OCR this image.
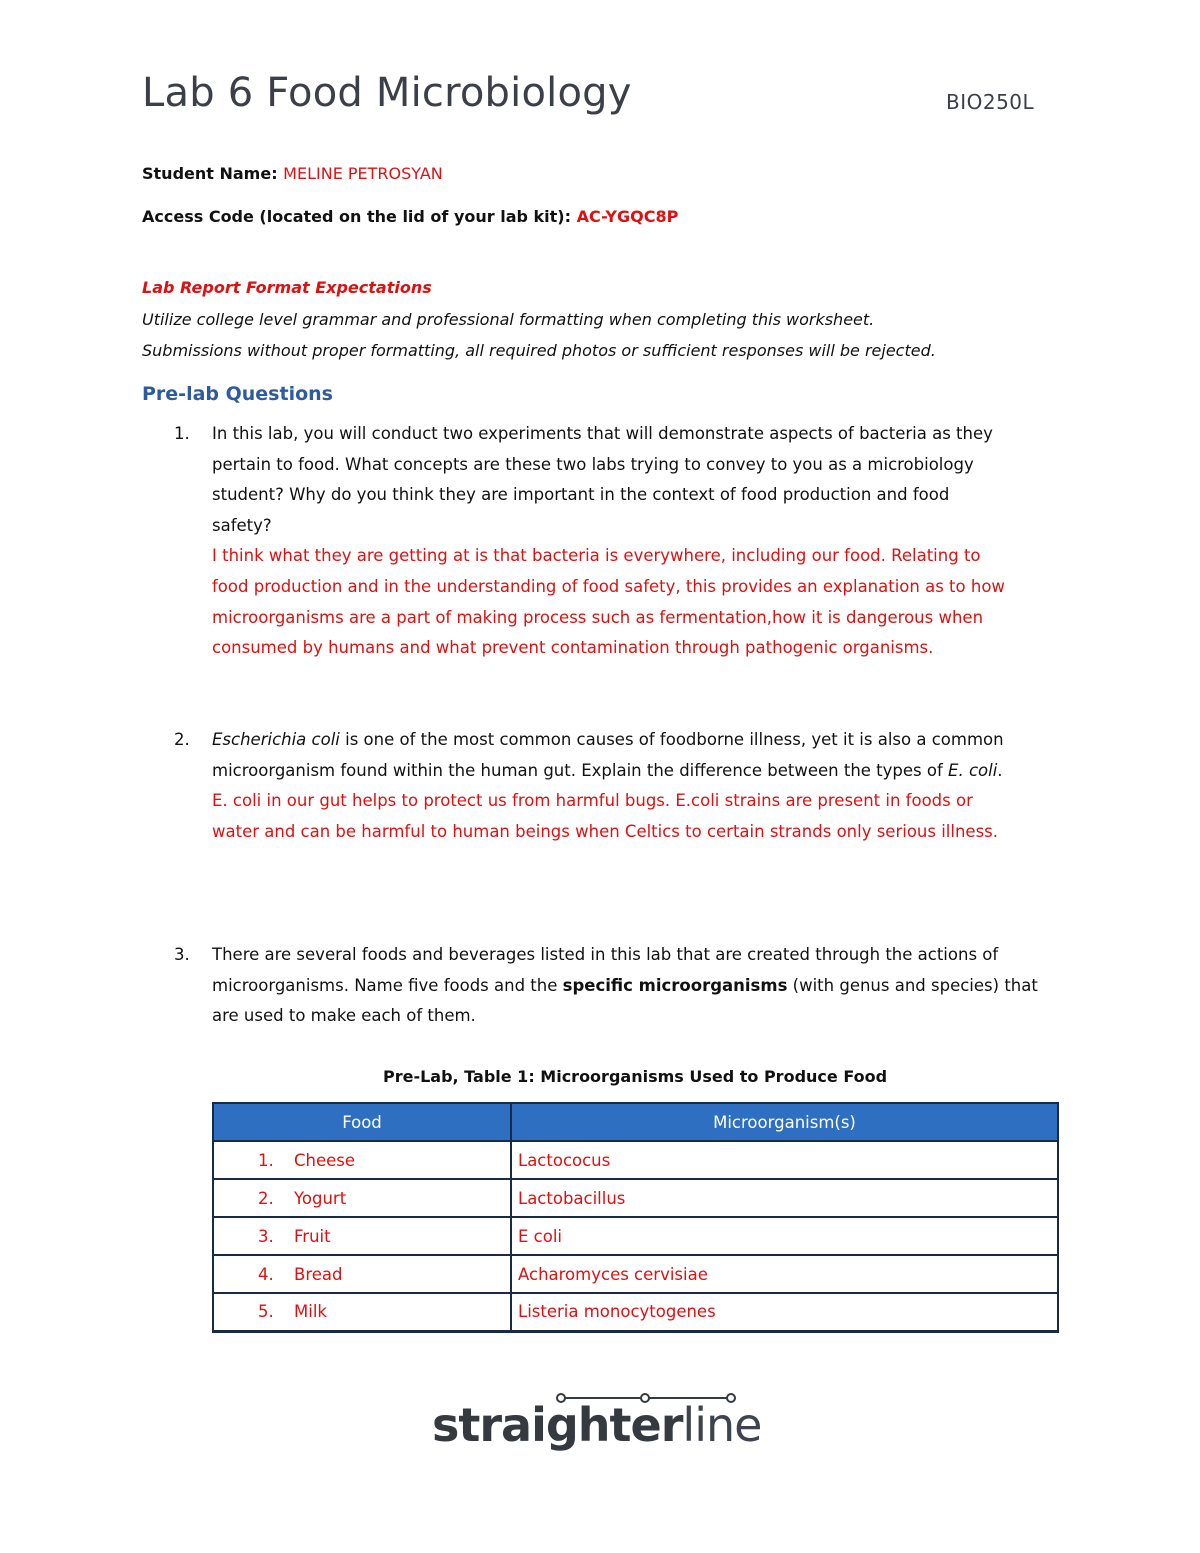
Lab 6 Food Microbiology	BIO250L
Student Name: MELINE PETROSYAN
Access Code (located on the lid of your lab kit): AC-YGQC8P
Lab Report Format Expectations
Utilize college level grammar and professional formatting when completing this worksheet.
Submissions without proper formatting, all required photos or sufficient responses will be rejected.
Pre-lab Questions
1.	In this lab, you will conduct two experiments that will demonstrate aspects of bacteria as they

pertain to food. What concepts are these two labs trying to convey to you as a microbiology

student? Why do you think they are important in the context of food production and food

safety?

I think what they are getting at is that bacteria is everywhere, including our food. Relating to

food production and in the understanding of food safety, this provides an explanation as to how

microorganisms are a part of making process such as fermentation,how it is dangerous when

consumed by humans and what prevent contamination through pathogenic organisms.

2.	Escherichia coli is one of the most common causes of foodborne illness, yet it is also a common

microorganism found within the human gut. Explain the difference between the types of E. coli.

E. coli in our gut helps to protect us from harmful bugs. E.coli strains are present in foods or

water and can be harmful to human beings when Celtics to certain strands only serious illness.

3.	There are several foods and beverages listed in this lab that are created through the actions of

microorganisms. Name five foods and the specific microorganisms (with genus and species) that

are used to make each of them.

Pre-Lab, Table 1: Microorganisms Used to Produce Food
Food	Microorganism(s)
1. Cheese	Lactococus
2. Yogurt	Lactobacillus
3. Fruit	E coli
4. Bread	Acharomyces cervisiae
5. Milk	Listeria monocytogenes
straighterline
